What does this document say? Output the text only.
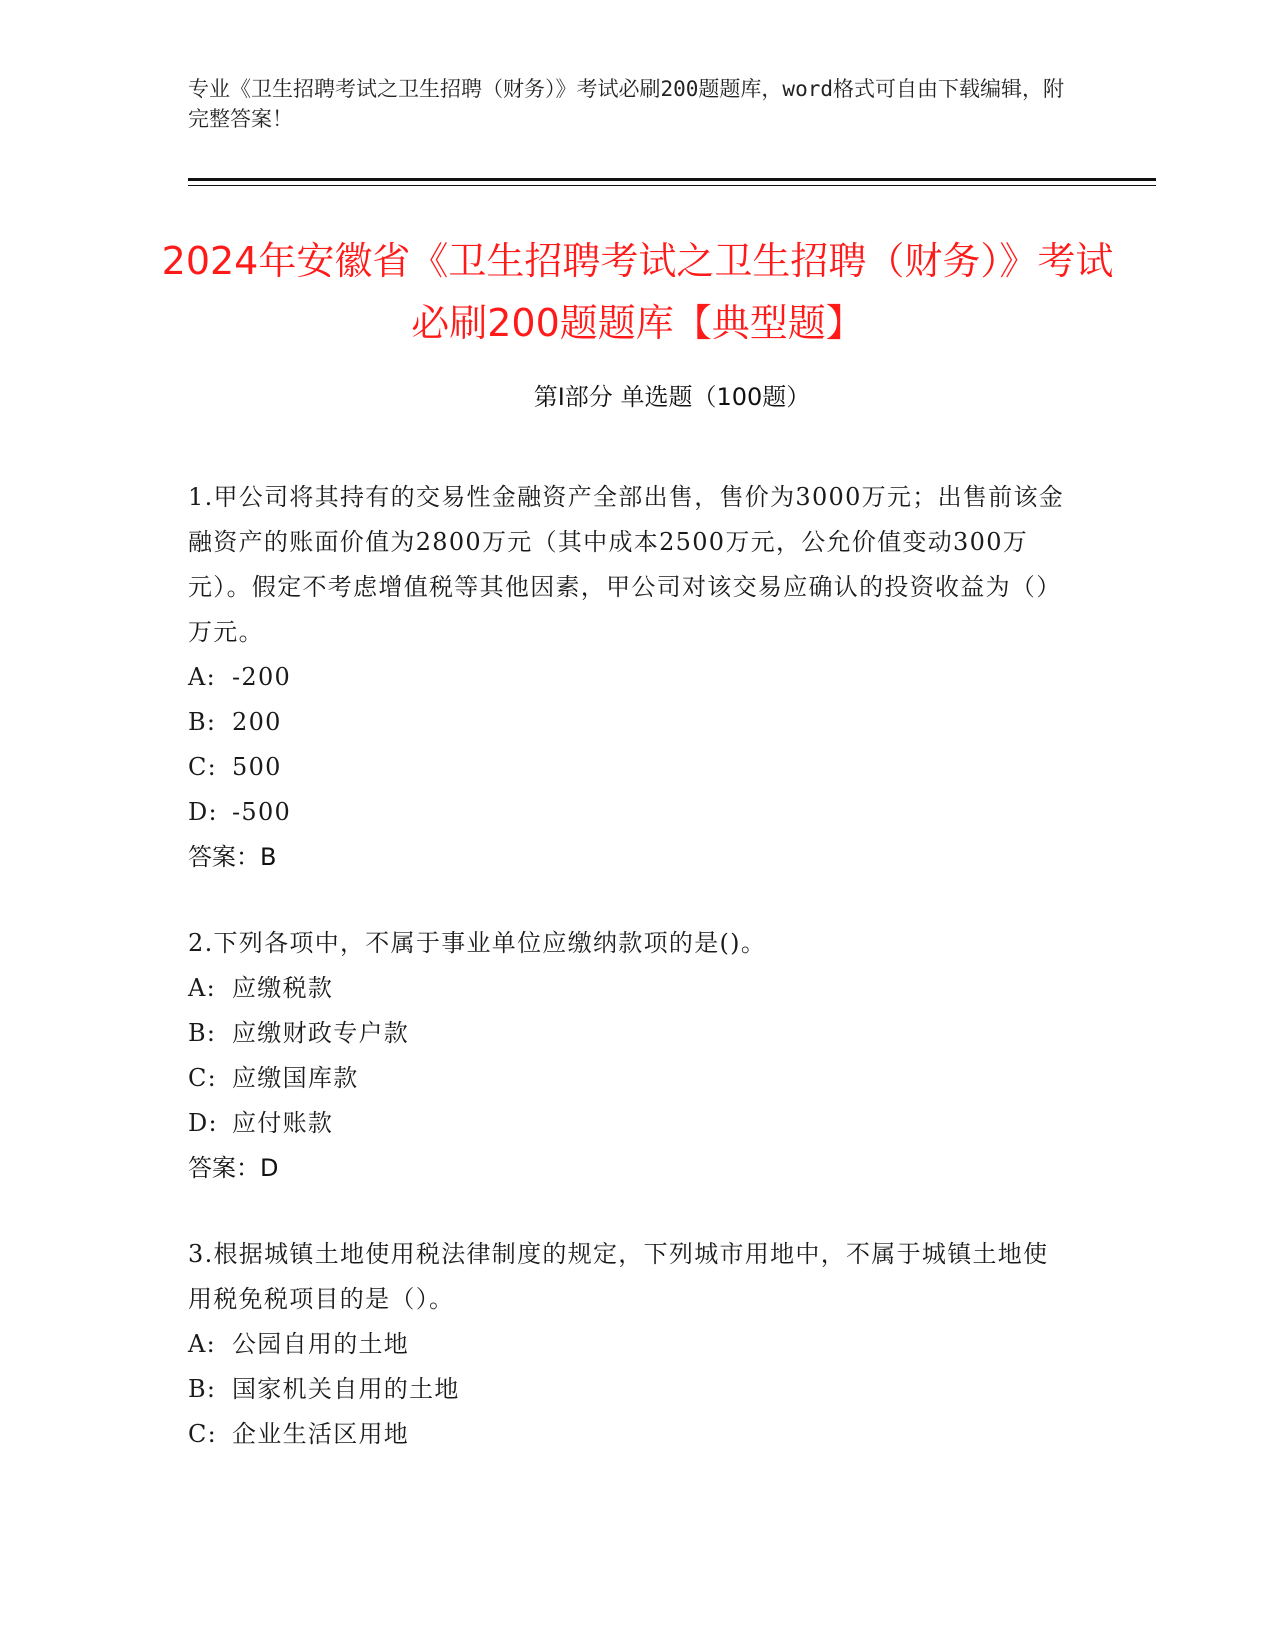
专业《卫生招聘考试之卫生招聘（财务）》考试必刷200题题库，word格式可自由下载编辑，附完整答案！
2024年安徽省《卫生招聘考试之卫生招聘（财务）》考试必刷200题题库【典型题】
第I部分 单选题（100题）

1.甲公司将其持有的交易性金融资产全部出售，售价为3000万元；出售前该金融资产的账面价值为2800万元（其中成本2500万元，公允价值变动300万元）。假定不考虑增值税等其他因素，甲公司对该交易应确认的投资收益为（）万元。

A: -200

B: 200

C: 500

D: -500

答案：B

2.下列各项中，不属于事业单位应缴纳款项的是()。

A: 应缴税款

B: 应缴财政专户款

C: 应缴国库款

D: 应付账款

答案：D

3.根据城镇土地使用税法律制度的规定，下列城市用地中，不属于城镇土地使用税免税项目的是（）。

A: 公园自用的土地

B: 国家机关自用的土地

C: 企业生活区用地
